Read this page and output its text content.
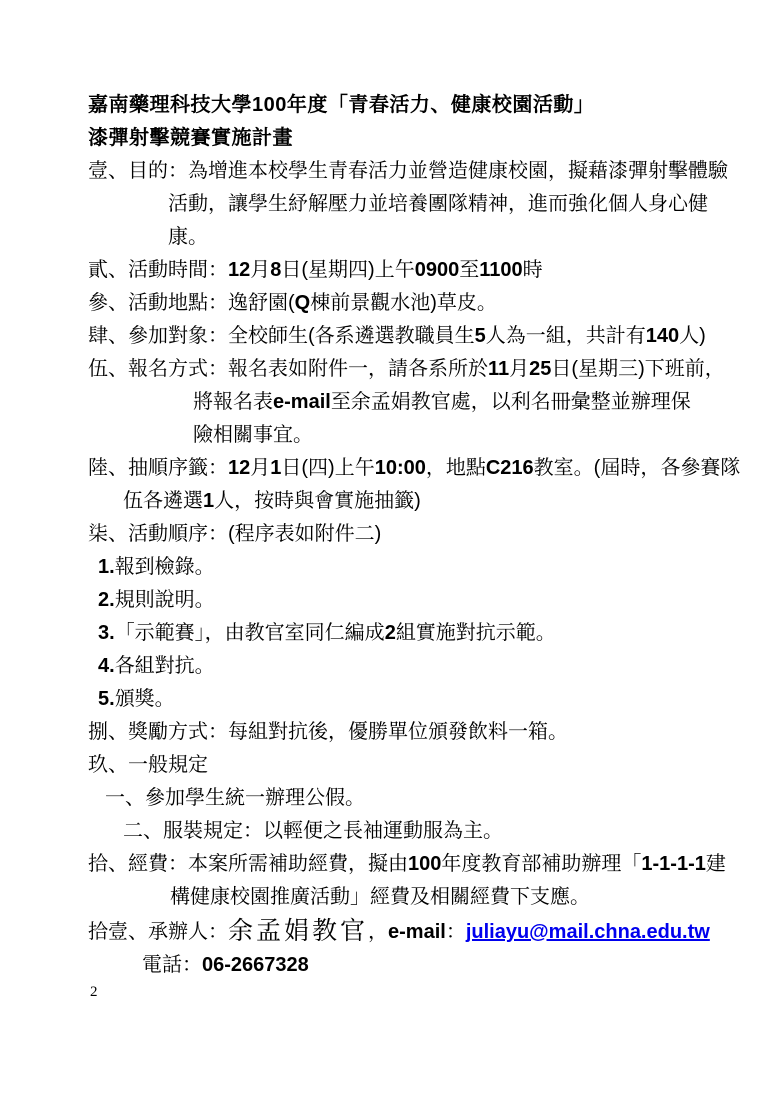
嘉南藥理科技大學100年度「青春活力、健康校園活動」
漆彈射擊競賽實施計畫
壹、目的：為增進本校學生青春活力並營造健康校園，擬藉漆彈射擊體驗
活動，讓學生紓解壓力並培養團隊精神，進而強化個人身心健
康。
貳、活動時間：12月8日(星期四)上午0900至1100時
參、活動地點：逸舒園(Q棟前景觀水池)草皮。
肆、參加對象：全校師生(各系遴選教職員生5人為一組，共計有140人)
伍、報名方式：報名表如附件一，請各系所於11月25日(星期三)下班前，
將報名表e-mail至余孟娟教官處，以利名冊彙整並辦理保
險相關事宜。
陸、抽順序籤：12月1日(四)上午10:00，地點C216教室。(屆時，各參賽隊
伍各遴選1人，按時與會實施抽籤)
柒、活動順序：(程序表如附件二)
1.報到檢錄。
2.規則說明。
3.「示範賽」，由教官室同仁編成2組實施對抗示範。
4.各組對抗。
5.頒獎。
捌、獎勵方式：每組對抗後，優勝單位頒發飲料一箱。
玖、一般規定
一、參加學生統一辦理公假。
二、服裝規定：以輕便之長袖運動服為主。
拾、經費：本案所需補助經費，擬由100年度教育部補助辦理「1-1-1-1建
構健康校園推廣活動」經費及相關經費下支應。
拾壹、承辦人：余孟娟教官，e-mail：juliayu@mail.chna.edu.tw
電話：06-2667328
2
